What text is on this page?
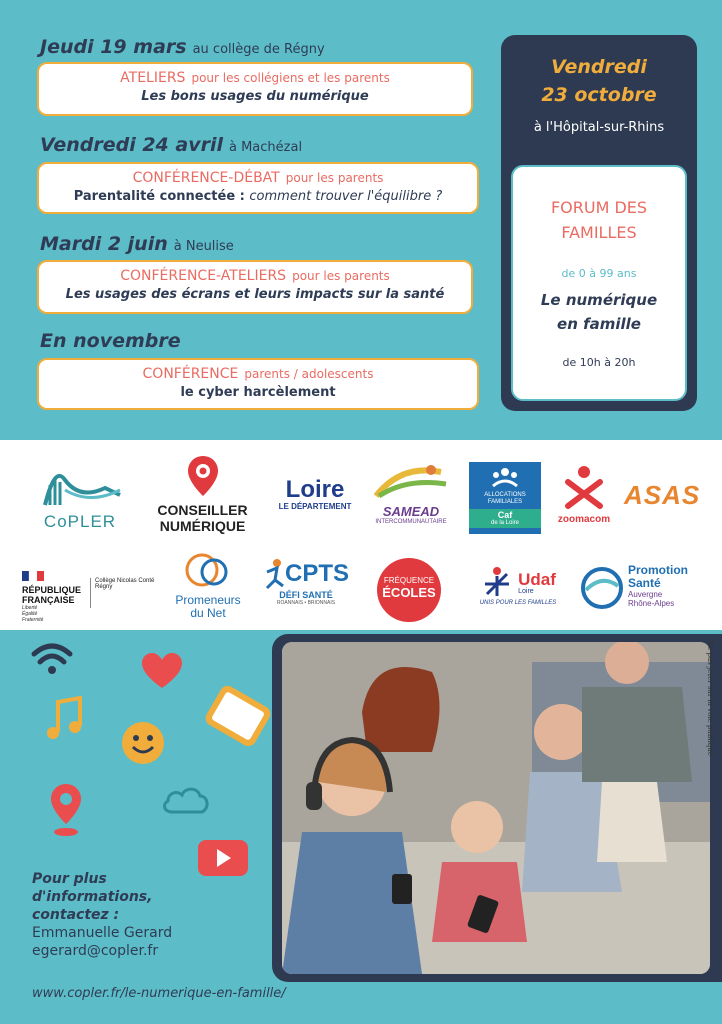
Jeudi 19 mars au collège de Régny
ATELIERS pour les collégiens et les parents
Les bons usages du numérique
Vendredi 24 avril à Machézal
CONFÉRENCE-DÉBAT pour les parents
Parentalité connectée : comment trouver l'équilibre ?
Mardi 2 juin à Neulise
CONFÉRENCE-ATELIERS pour les parents
Les usages des écrans et leurs impacts sur la santé
En novembre
CONFÉRENCE parents / adolescents
le cyber harcèlement
Vendredi
23 octobre
à l'Hôpital-sur-Rhins
FORUM DES
FAMILLES
de 0 à 99 ans
Le numérique
en famille
de 10h à 20h
CoPLER
CONSEILLER
NUMÉRIQUE
Loire
LE DÉPARTEMENT	SAMEAD
INTERCOMMUNAUTAIRE
ALLOCATIONS
FAMILIALES
Caf
de la Loire	zoomacom
ASAS
RÉPUBLIQUE
FRANÇAISE
Liberté
Égalité
Fraternité
Collège Nicolas Conté
Régny
Promeneurs
du Net
CPTS
DÉFI SANTÉ
ROANNAIS • BRIONNAIS
FRÉQUENCE
ÉCOLES
Udaf
Loire
UNIS POUR LES FAMILLES
Promotion
Santé
Auvergne
Rhône-Alpes
Pour plus
d'informations,
contactez :
Emmanuelle Gerard
egerard@copler.fr
www.copler.fr/le-numerique-en-famille/
Ne pas jeter sur la voie publique
